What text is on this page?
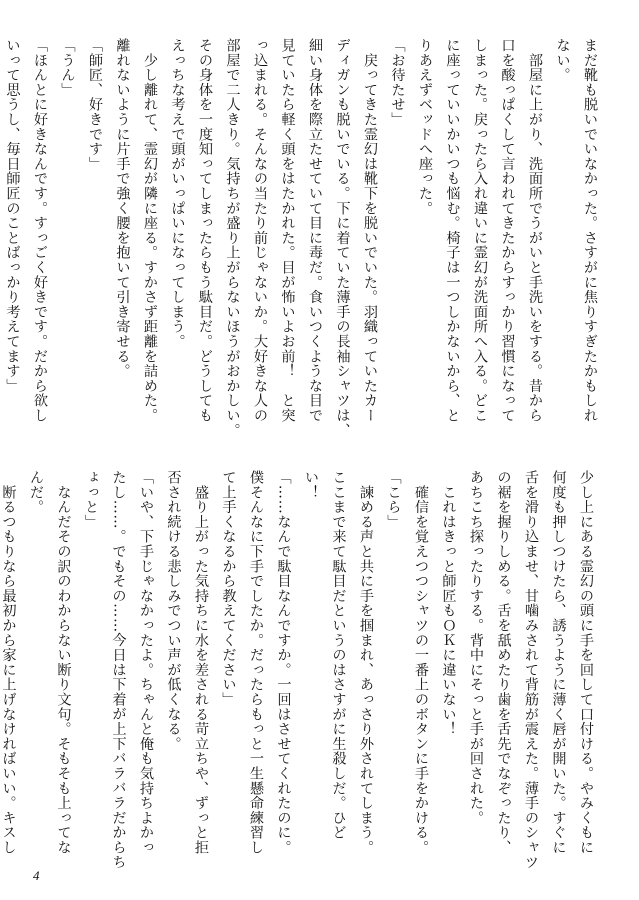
まだ靴も脱いでいなかった。さすがに焦りすぎたかもしれ
ない。
　部屋に上がり、洗面所でうがいと手洗いをする。昔から
口を酸っぱくして言われてきたからすっかり習慣になって
しまった。戻ったら入れ違いに霊幻が洗面所へ入る。どこ
に座っていいかいつも悩む。椅子は一つしかないから、と
りあえずベッドへ座った。
「お待たせ」
　戻ってきた霊幻は靴下を脱いでいた。羽織っていたカー
ディガンも脱いでいる。下に着ていた薄手の長袖シャツは、
細い身体を際立たせていて目に毒だ。食いつくような目で
見ていたら軽く頭をはたかれた。目が怖いよお前！　と突
っ込まれる。そんなの当たり前じゃないか。大好きな人の
部屋で二人きり。気持ちが盛り上がらないほうがおかしい。
その身体を一度知ってしまったらもう駄目だ。どうしても
えっちな考えで頭がいっぱいになってしまう。
　少し離れて、霊幻が隣に座る。すかさず距離を詰めた。
離れないように片手で強く腰を抱いて引き寄せる。
「師匠、好きです」
「うん」
「ほんとに好きなんです。すっごく好きです。だから欲し
いって思うし、毎日師匠のことばっかり考えてます」
少し上にある霊幻の頭に手を回して口付ける。やみくもに
何度も押しつけたら、誘うように薄く唇が開いた。すぐに
舌を滑り込ませ、甘噛みされて背筋が震えた。薄手のシャツ
の裾を握りしめる。舌を舐めたり歯を舌先でなぞったり、
あちこち探ったりする。背中にそっと手が回された。
　これはきっと師匠もＯＫに違いない！
　確信を覚えつつシャツの一番上のボタンに手をかける。
「こら」
　諫める声と共に手を掴まれ、あっさり外されてしまう。
ここまで来て駄目だというのはさすがに生殺しだ。ひど
い！
「……なんで駄目なんですか。一回はさせてくれたのに。
僕そんなに下手でしたか。だったらもっと一生懸命練習し
て上手くなるから教えてください」
　盛り上がった気持ちに水を差される苛立ちや、ずっと拒
否され続ける悲しみでつい声が低くなる。
「いや、下手じゃなかったよ。ちゃんと俺も気持ちよかっ
たし……。でもその……今日は下着が上下バラバラだからち
ょっと」
　なんだその訳のわからない断り文句。そもそも上ってな
んだ。
　断るつもりなら最初から家に上げなければいい。キスし
4
